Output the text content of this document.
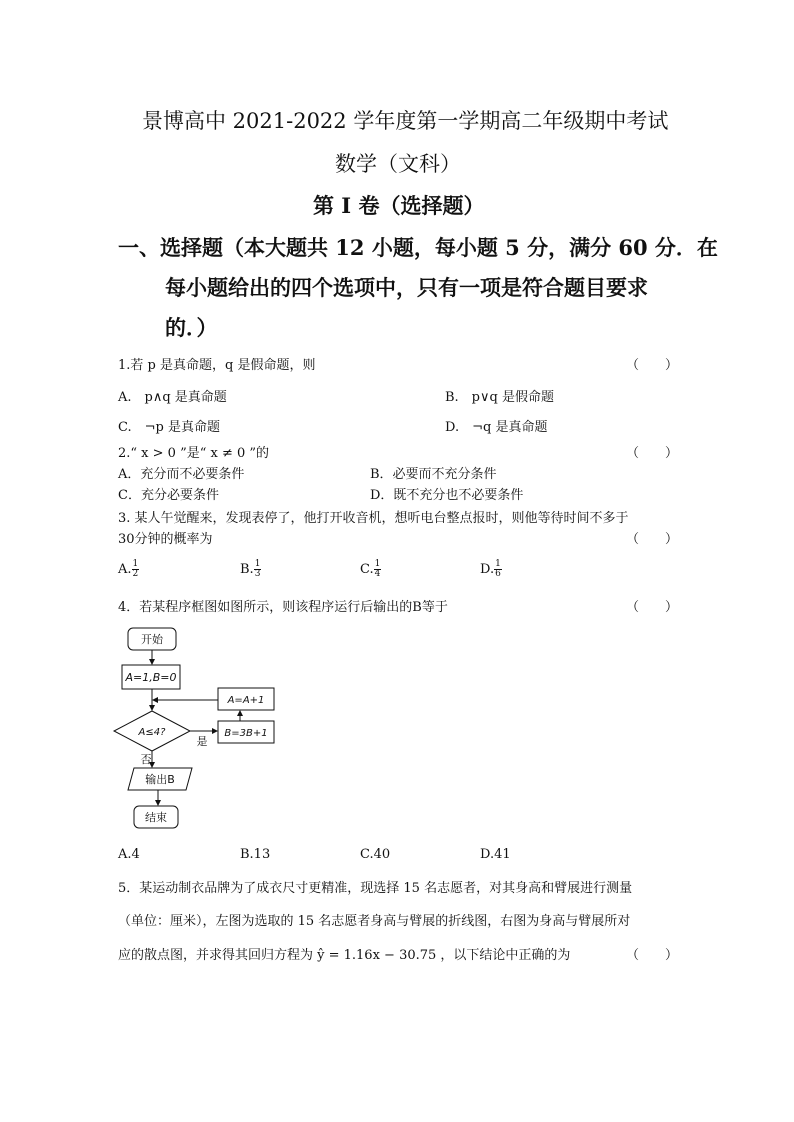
景博高中 2021-2022 学年度第一学期高二年级期中考试
数学（文科）
第 I 卷（选择题）
一、选择题（本大题共 12 小题，每小题 5 分，满分 60 分．在
每小题给出的四个选项中，只有一项是符合题目要求
的．）
1.若 p 是真命题，q 是假命题，则	（　　）
A.　p∧q 是真命题	B.　p∨q 是假命题
C.　¬p 是真命题	D.　¬q 是真命题
2.“ x > 0 ”是“ x ≠ 0 ”的	（　　）
A．充分而不必要条件	B．必要而不充分条件
C．充分必要条件	D．既不充分也不必要条件
3. 某人午觉醒来，发现表停了，他打开收音机，想听电台整点报时，则他等待时间不多于
30分钟的概率为	（　　）
A. $\frac{1}{2}$	B. $\frac{1}{3}$	C. $\frac{1}{4}$	D. $\frac{1}{6}$
4．若某程序框图如图所示，则该程序运行后输出的B等于	（　　）
开始
A=1,B=0
A≤4?
是
B=3B+1
A=A+1
否
输出B
结束
A.4	B.13	C.40	D.41
5．某运动制衣品牌为了成衣尺寸更精准，现选择 15 名志愿者，对其身高和臂展进行测量
（单位：厘米），左图为选取的 15 名志愿者身高与臂展的折线图，右图为身高与臂展所对
应的散点图，并求得其回归方程为 ŷ = 1.16x − 30.75 ，以下结论中正确的为	（　　）
